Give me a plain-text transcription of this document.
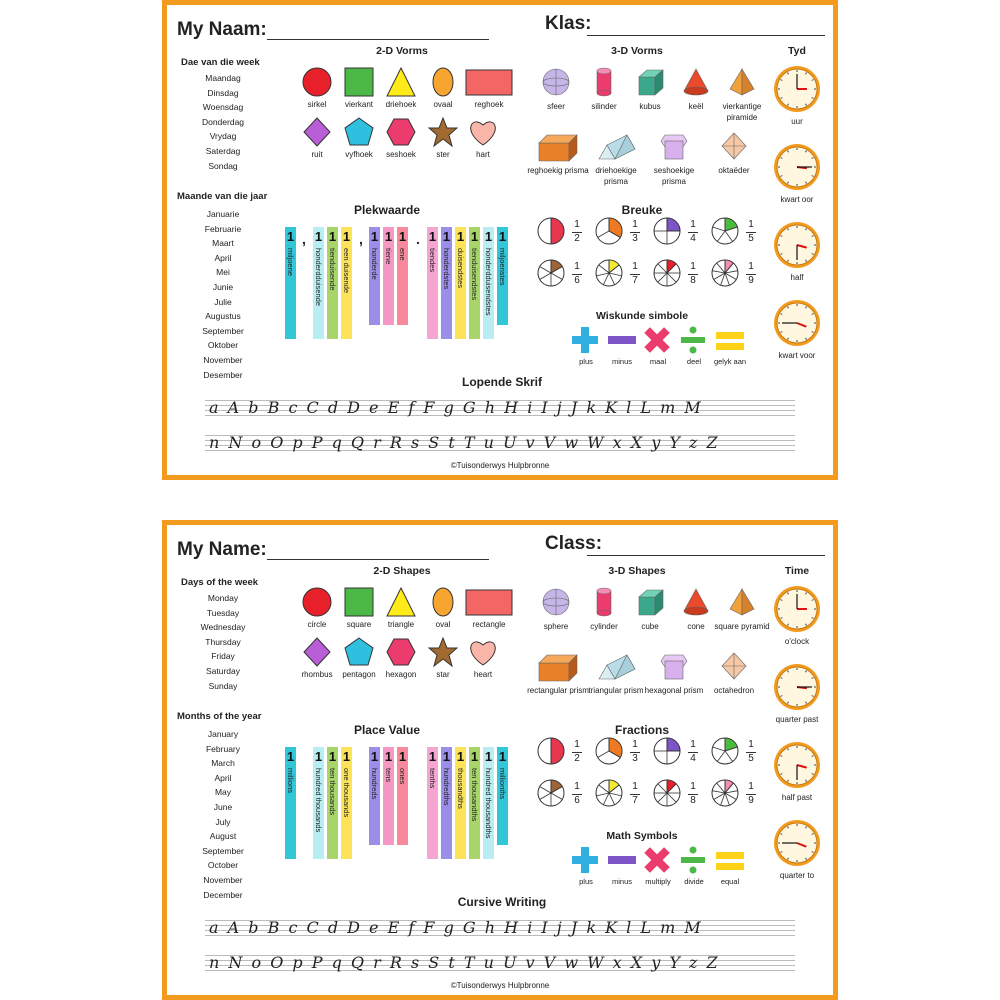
My Naam:	Klas:
Dae van die week
Maandag
Dinsdag
Woensdag
Donderdag
Vrydag
Saterdag
Sondag
Maande van die jaar
Januarie
Februarie
Maart
April
Mei
Junie
Julie
Augustus
September
Oktober
November
Desember
2-D Vorms
sirkel	vierkant	driehoek	ovaal	reghoek
ruit	vyfhoek	seshoek	ster	hart
3-D Vorms
sfeer	silinder	kubus	keël	vierkantige piramide
reghoekig prisma driehoekige prisma
seshoekige prisma
oktaëder
Tyd
uur
kwart oor
half
kwart voor
Plekwaarde
1
miljoene
1
honderdduisende
1
tienduisende
1
een duisende
1
honderde
1
tiene
1
ene
1
tiendes
1
honderdstes
1
duisendstes
1
tienduisendstes
1
honderdduisendstes
1
miljoenstes
,	,	.
Breuke
1
2
1
3
1
4
1
5
1
6
1
7
1
8
1
9
Wiskunde simbole
plus	minus	maal	deel	gelyk aan
Lopende Skrif
a A b B c C d D e E f F g G h H i I j J k K l L m M
n N o O p P q Q r R s S t T u U v V w W x X y Y z Z
©Tuisonderwys Hulpbronne
My Name:	Class:
Days of the week
Monday
Tuesday
Wednesday
Thursday
Friday
Saturday
Sunday
Months of the year
January
February
March
April
May
June
July
August
September
October
November
December
2-D Shapes
circle	square	triangle	oval	rectangle
rhombus	pentagon	hexagon	star	heart
3-D Shapes
sphere	cylinder	cube	cone	square pyramid
rectangular prism triangular prism hexagonal prism	octahedron
Time
o'clock
quarter past
half past
quarter to
Place Value
1
millions
1
hundred thousands
1
ten thousands
1
one thousands
1
hundreds
1
tens
1
ones
1
tenths
1
hundredths
1
thousandths
1
ten thousandths
1
hundred thousandths
1
millionths
Fractions
1
2
1
3
1
4
1
5
1
6
1
7
1
8
1
9
Math Symbols
plus	minus	multiply	divide	equal
Cursive Writing
a A b B c C d D e E f F g G h H i I j J k K l L m M
n N o O p P q Q r R s S t T u U v V w W x X y Y z Z
©Tuisonderwys Hulpbronne
